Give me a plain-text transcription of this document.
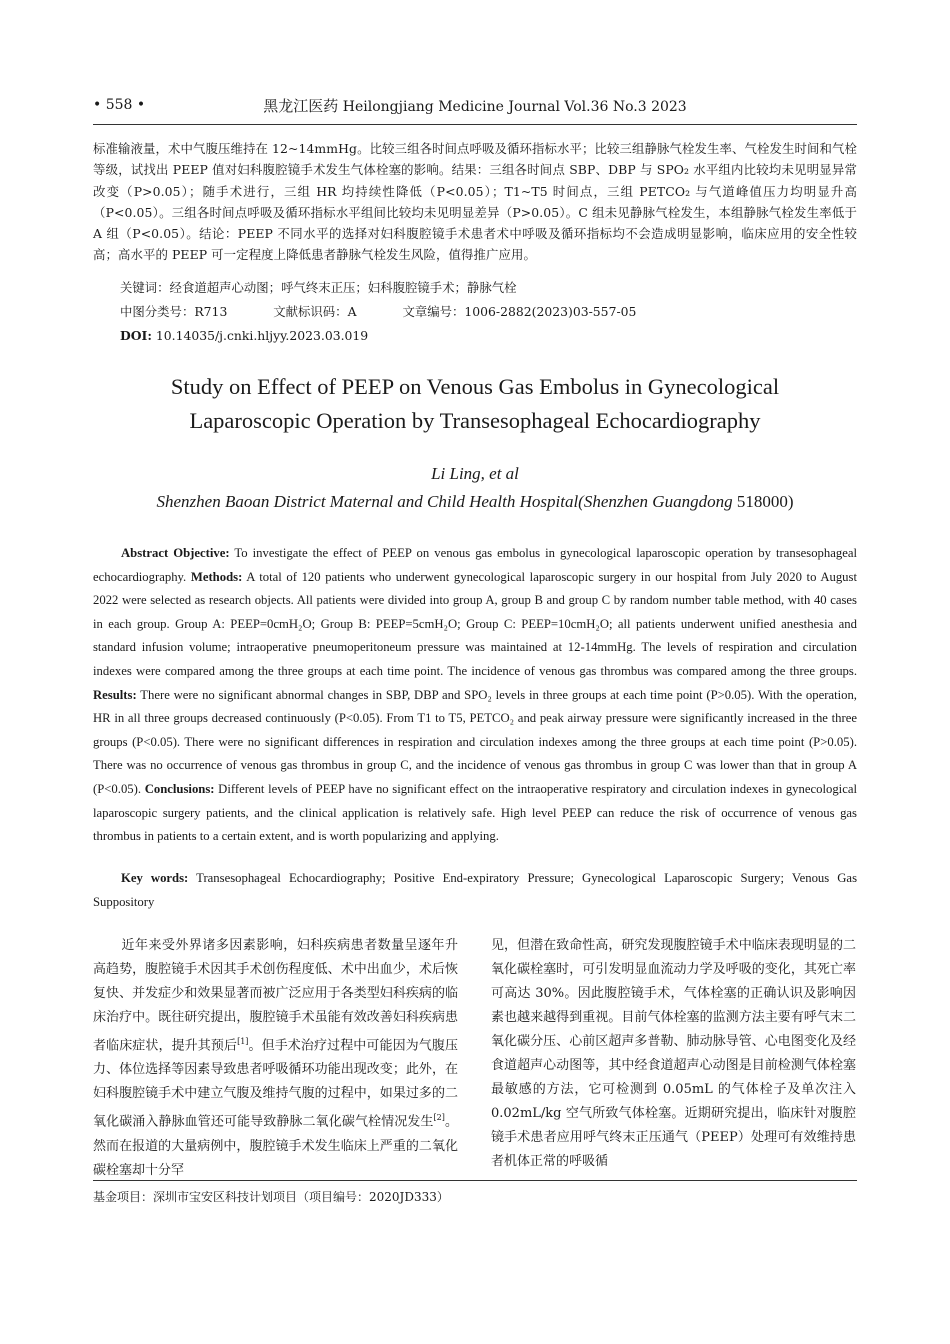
• 558 •	黑龙江医药 Heilongjiang Medicine Journal Vol.36 No.3 2023
标准输液量，术中气腹压维持在 12~14mmHg。比较三组各时间点呼吸及循环指标水平；比较三组静脉气栓发生率、气栓发生时间和气栓等级，试找出 PEEP 值对妇科腹腔镜手术发生气体栓塞的影响。结果：三组各时间点 SBP、DBP 与 SPO₂ 水平组内比较均未见明显异常改变（P>0.05）；随手术进行，三组 HR 均持续性降低（P<0.05）；T1~T5 时间点，三组 PETCO₂ 与气道峰值压力均明显升高（P<0.05）。三组各时间点呼吸及循环指标水平组间比较均未见明显差异（P>0.05）。C 组未见静脉气栓发生，本组静脉气栓发生率低于 A 组（P<0.05）。结论：PEEP 不同水平的选择对妇科腹腔镜手术患者术中呼吸及循环指标均不会造成明显影响，临床应用的安全性较高；高水平的 PEEP 可一定程度上降低患者静脉气栓发生风险，值得推广应用。
关键词：经食道超声心动图；呼气终末正压；妇科腹腔镜手术；静脉气栓
中图分类号：R713	文献标识码：A	文章编号：1006-2882(2023)03-557-05
DOI: 10.14035/j.cnki.hljyy.2023.03.019
Study on Effect of PEEP on Venous Gas Embolus in Gynecological
Laparoscopic Operation by Transesophageal Echocardiography
Li Ling, et al
Shenzhen Baoan District Maternal and Child Health Hospital(Shenzhen Guangdong 518000)
Abstract Objective: To investigate the effect of PEEP on venous gas embolus in gynecological laparoscopic operation by transesophageal echocardiography. Methods: A total of 120 patients who underwent gynecological laparoscopic surgery in our hospital from July 2020 to August 2022 were selected as research objects. All patients were divided into group A, group B and group C by random number table method, with 40 cases in each group. Group A: PEEP=0cmH₂O; Group B: PEEP=5cmH₂O; Group C: PEEP=10cmH₂O; all patients underwent unified anesthesia and standard infusion volume; intraoperative pneumoperitoneum pressure was maintained at 12-14mmHg. The levels of respiration and circulation indexes were compared among the three groups at each time point. The incidence of venous gas thrombus was compared among the three groups. Results: There were no significant abnormal changes in SBP, DBP and SPO₂ levels in three groups at each time point (P>0.05). With the operation, HR in all three groups decreased continuously (P<0.05). From T1 to T5, PETCO₂ and peak airway pressure were significantly increased in the three groups (P<0.05). There were no significant differences in respiration and circulation indexes among the three groups at each time point (P>0.05). There was no occurrence of venous gas thrombus in group C, and the incidence of venous gas thrombus in group C was lower than that in group A (P<0.05). Conclusions: Different levels of PEEP have no significant effect on the intraoperative respiratory and circulation indexes in gynecological laparoscopic surgery patients, and the clinical application is relatively safe. High level PEEP can reduce the risk of occurrence of venous gas thrombus in patients to a certain extent, and is worth popularizing and applying.
Key words: Transesophageal Echocardiography; Positive End-expiratory Pressure; Gynecological Laparoscopic Surgery; Venous Gas Suppository

近年来受外界诸多因素影响，妇科疾病患者数量呈逐年升高趋势，腹腔镜手术因其手术创伤程度低、术中出血少，术后恢复快、并发症少和效果显著而被广泛应用于各类型妇科疾病的临床治疗中。既往研究提出，腹腔镜手术虽能有效改善妇科疾病患者临床症状，提升其预后[1]。但手术治疗过程中可能因为气腹压力、体位选择等因素导致患者呼吸循环功能出现改变；此外，在妇科腹腔镜手术中建立气腹及维持气腹的过程中，如果过多的二氧化碳涌入静脉血管还可能导致静脉二氧化碳气栓情况发生[2]。然而在报道的大量病例中，腹腔镜手术发生临床上严重的二氧化碳栓塞却十分罕

见，但潜在致命性高，研究发现腹腔镜手术中临床表现明显的二氧化碳栓塞时，可引发明显血流动力学及呼吸的变化，其死亡率可高达 30%。因此腹腔镜手术，气体栓塞的正确认识及影响因素也越来越得到重视。目前气体栓塞的监测方法主要有呼气末二氧化碳分压、心前区超声多普勒、肺动脉导管、心电图变化及经食道超声心动图等，其中经食道超声心动图是目前检测气体栓塞最敏感的方法，它可检测到 0.05mL 的气体栓子及单次注入 0.02mL/kg 空气所致气体栓塞。近期研究提出，临床针对腹腔镜手术患者应用呼气终末正压通气（PEEP）处理可有效维持患者机体正常的呼吸循

基金项目：深圳市宝安区科技计划项目（项目编号：2020JD333）
